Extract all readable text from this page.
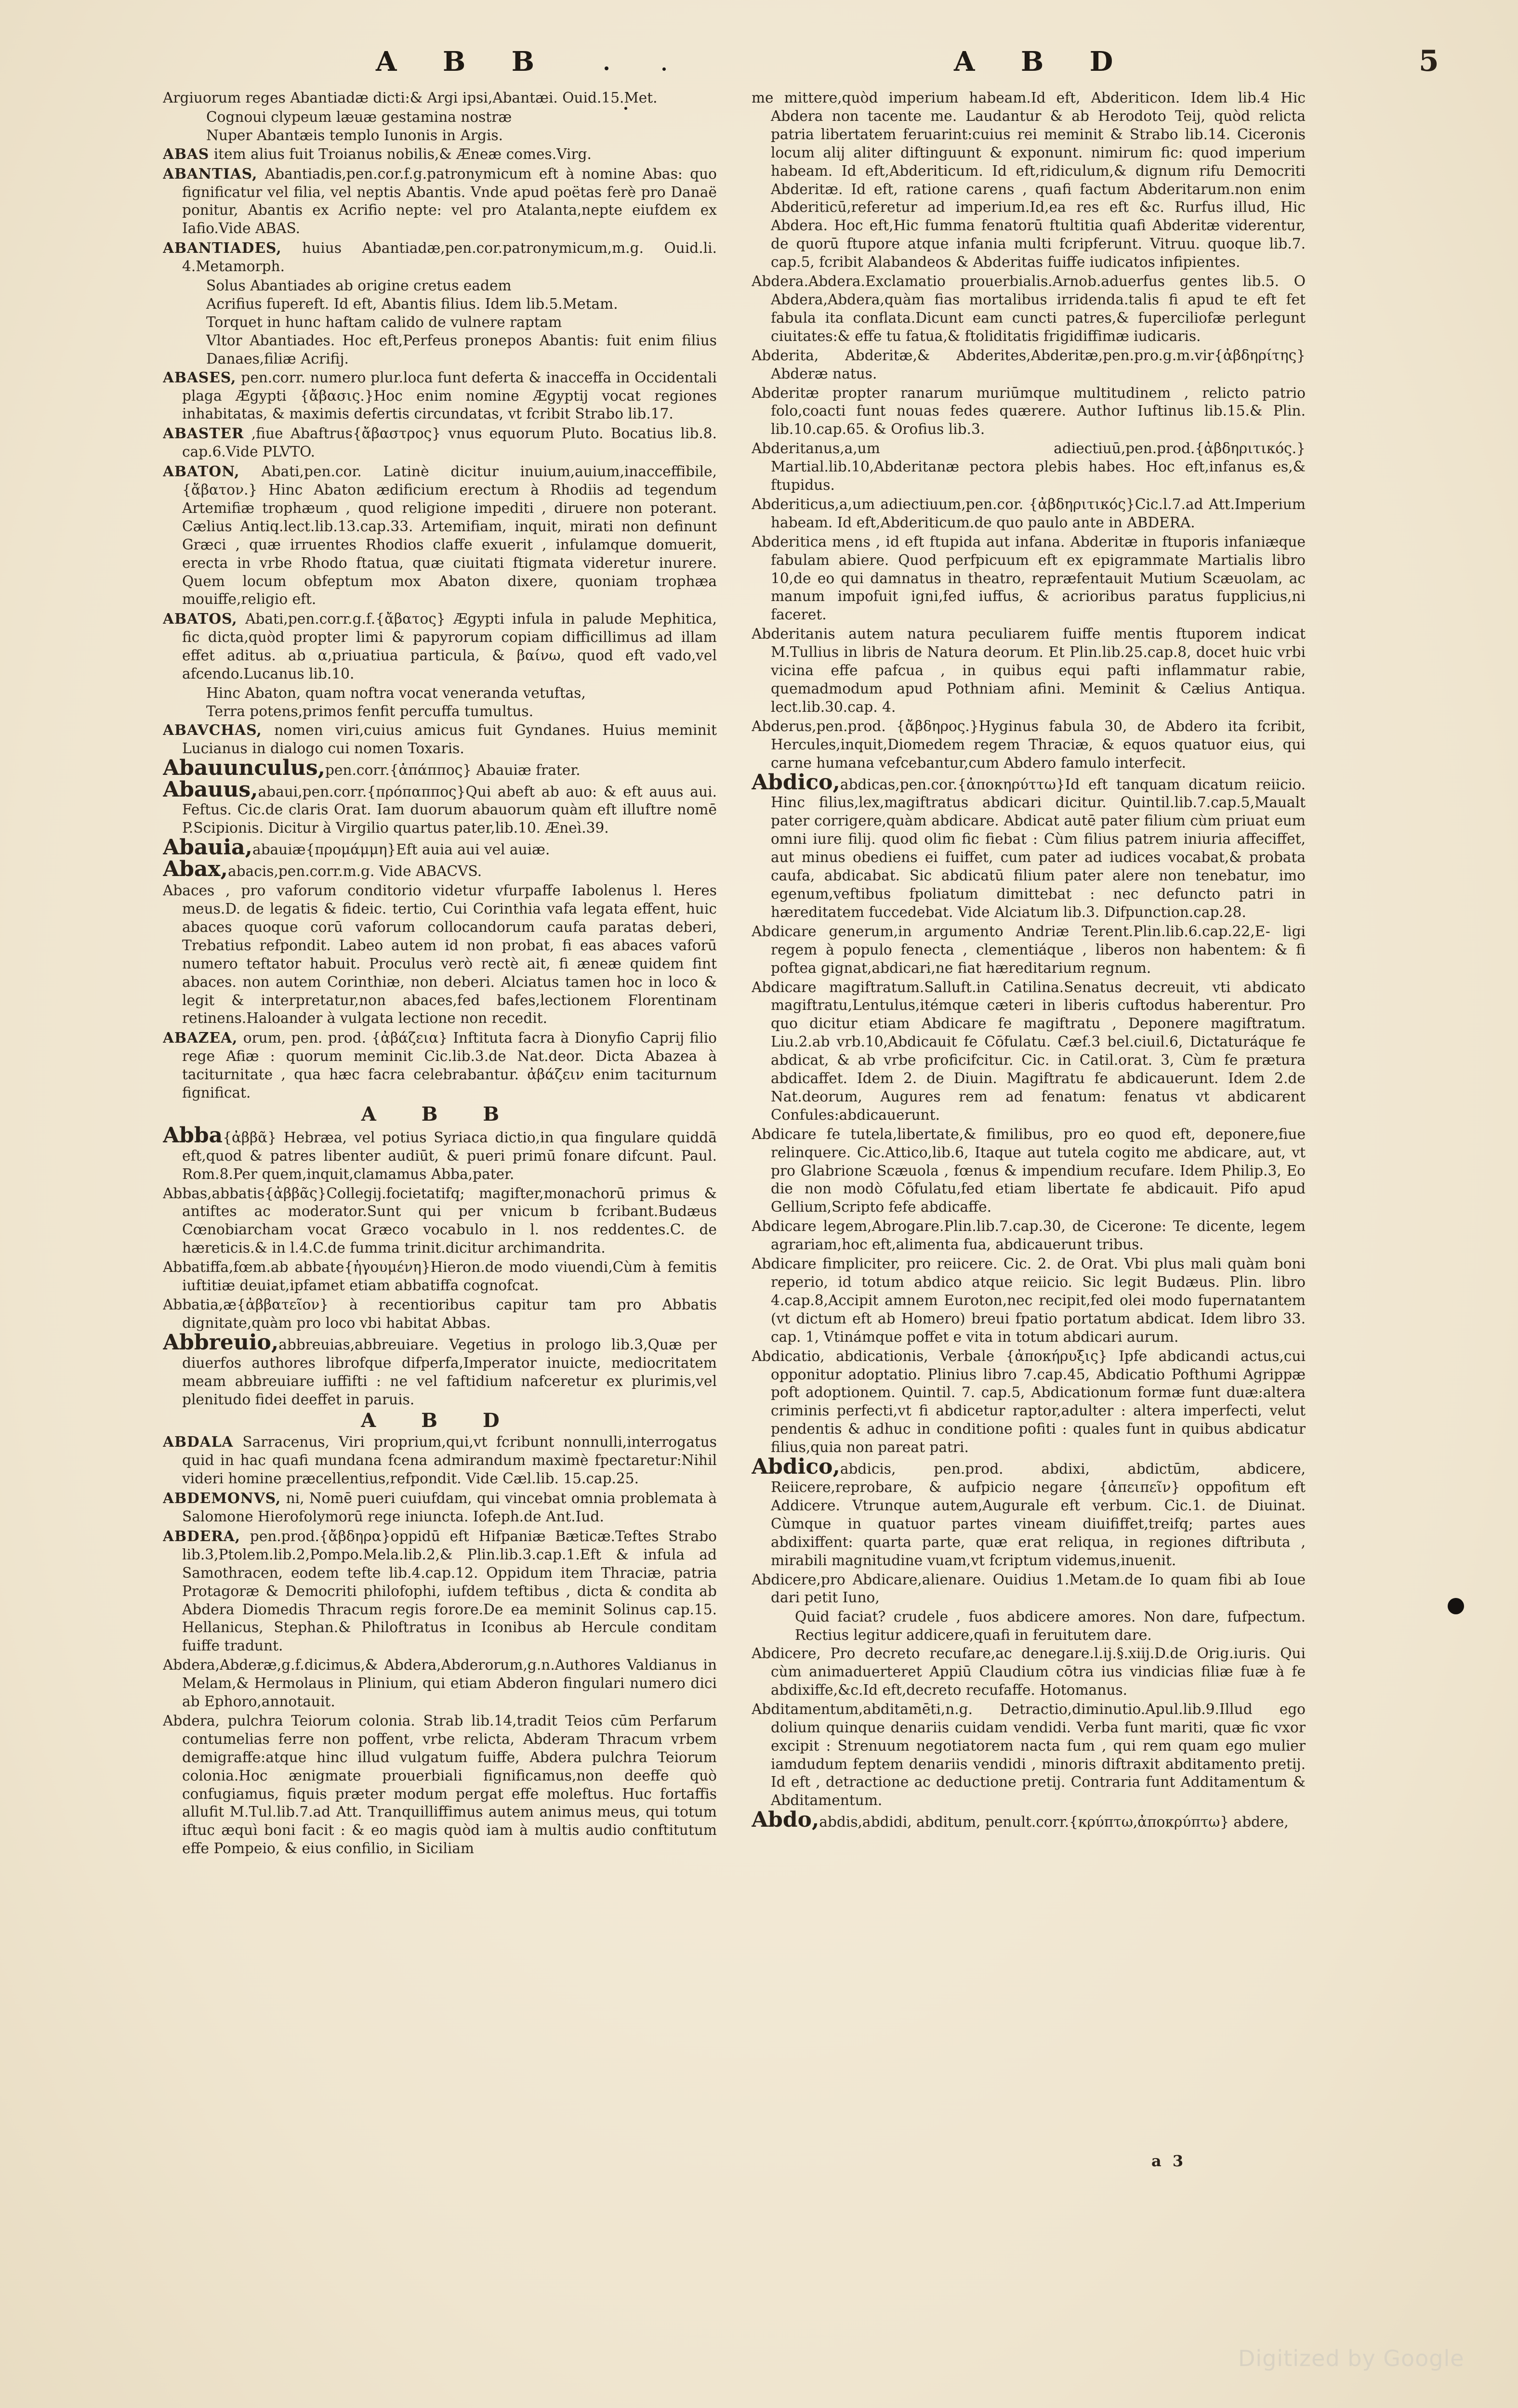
A B B	A B D	5

Argiuorum reges Abantiadæ dicti:& Argi ipsi,Abantæi. Ouid.15.Met.

Cognoui clypeum læuæ gestamina nostræ

Nuper Abantæis templo Iunonis in Argis.

ABAS item alius fuit Troianus nobilis,& Æneæ comes.Virg.

ABANTIAS, Abantiadis,pen.cor.f.g.patronymicum eft à nomine Abas: quo fignificatur vel filia, vel neptis Abantis. Vnde apud poëtas ferè pro Danaë ponitur, Abantis ex Acrifio nepte: vel pro Atalanta,nepte eiufdem ex Iafio.Vide ABAS.

ABANTIADES, huius Abantiadæ,pen.cor.patronymicum,m.g. Ouid.li. 4.Metamorph.

Solus Abantiades ab origine cretus eadem

Acrifius fupereft. Id eft, Abantis filius. Idem lib.5.Metam.

Torquet in hunc haftam calido de vulnere raptam

Vltor Abantiades. Hoc eft,Perfeus pronepos Abantis: fuit enim filius Danaes,filiæ Acrifij.

ABASES, pen.corr. numero plur.loca funt deferta & inacceffa in Occidentali plaga Ægypti {ἄβασις.}Hoc enim nomine Ægyptij vocat regiones inhabitatas, & maximis defertis circundatas, vt fcribit Strabo lib.17.

ABASTER ,fiue Abaftrus{ἄβαστρος} vnus equorum Pluto. Bocatius lib.8. cap.6.Vide PLVTO.

ABATON, Abati,pen.cor. Latinè dicitur inuium,auium,inacceffibile, {ἄβατον.} Hinc Abaton ædificium erectum à Rhodiis ad tegendum Artemifiæ trophæum , quod religione impediti , diruere non poterant. Cælius Antiq.lect.lib.13.cap.33. Artemifiam, inquit, mirati non definunt Græci , quæ irruentes Rhodios claffe exuerit , infulamque domuerit, erecta in vrbe Rhodo ftatua, quæ ciuitati ftigmata videretur inurere. Quem locum obfeptum mox Abaton dixere, quoniam trophæa mouiffe,religio eft.

ABATOS, Abati,pen.corr.g.f.{ἄβατος} Ægypti infula in palude Mephitica, fic dicta,quòd propter limi & papyrorum copiam difficillimus ad illam effet aditus. ab α,priuatiua particula, & βαίνω, quod eft vado,vel afcendo.Lucanus lib.10.

Hinc Abaton, quam noftra vocat veneranda vetuftas,

Terra potens,primos fenfit percuffa tumultus.

ABAVCHAS, nomen viri,cuius amicus fuit Gyndanes. Huius meminit Lucianus in dialogo cui nomen Toxaris.

Abauunculus,pen.corr.{ἀπάππος} Abauiæ frater.

Abauus,abaui,pen.corr.{πρόπαππος}Qui abeft ab auo: & eft auus aui. Feftus. Cic.de claris Orat. Iam duorum abauorum quàm eft illuftre nomē P.Scipionis. Dicitur à Virgilio quartus pater,lib.10. Æneì.39.

Abauia,abauiæ{προμάμμη}Eft auia aui vel auiæ.

Abax,abacis,pen.corr.m.g. Vide ABACVS.

Abaces , pro vaforum conditorio videtur vfurpaffe Iabolenus l. Heres meus.D. de legatis & fideic. tertio, Cui Corinthia vafa legata effent, huic abaces quoque corū vaforum collocandorum caufa paratas deberi, Trebatius refpondit. Labeo autem id non probat, fi eas abaces vaforū numero teftator habuit. Proculus verò rectè ait, fi æneæ quidem fint abaces. non autem Corinthiæ, non deberi. Alciatus tamen hoc in loco & legit & interpretatur,non abaces,fed bafes,lectionem Florentinam retinens.Haloander à vulgata lectione non recedit.

ABAZEA, orum, pen. prod. {ἀβάζεια} Inftituta facra à Dionyfio Caprij filio rege Afiæ : quorum meminit Cic.lib.3.de Nat.deor. Dicta Abazea à taciturnitate , qua hæc facra celebrabantur. ἀβάζειν enim taciturnum fignificat.

A B B

Abba{ἀββᾶ} Hebræa, vel potius Syriaca dictio,in qua fingulare quiddā eft,quod & patres libenter audiūt, & pueri primū fonare difcunt. Paul. Rom.8.Per quem,inquit,clamamus Abba,pater.

Abbas,abbatis{ἀββᾶς}Collegij.focietatifq; magifter,monachorū primus & antiftes ac moderator.Sunt qui per vnicum b fcribant.Budæus Cœnobiarcham vocat Græco vocabulo in l. nos reddentes.C. de hæreticis.& in l.4.C.de fumma trinit.dicitur archimandrita.

Abbatiffa,fœm.ab abbate{ἡγουμένη}Hieron.de modo viuendi,Cùm à femitis iuftitiæ deuiat,ipfamet etiam abbatiffa cognofcat.

Abbatia,æ{ἀββατεῖον} à recentioribus capitur tam pro Abbatis dignitate,quàm pro loco vbi habitat Abbas.

Abbreuio,abbreuias,abbreuiare. Vegetius in prologo lib.3,Quæ per diuerfos authores librofque difperfa,Imperator inuicte, mediocritatem meam abbreuiare iuffifti : ne vel faftidium nafceretur ex plurimis,vel plenitudo fidei deeffet in paruis.

A B D

ABDALA Sarracenus, Viri proprium,qui,vt fcribunt nonnulli,interrogatus quid in hac quafi mundana fcena admirandum maximè fpectaretur:Nihil videri homine præcellentius,refpondit. Vide Cæl.lib. 15.cap.25.

ABDEMONVS, ni, Nomē pueri cuiufdam, qui vincebat omnia problemata à Salomone Hierofolymorū rege iniuncta. Iofeph.de Ant.Iud.

ABDERA, pen.prod.{ἄβδηρα}oppidū eft Hifpaniæ Bæticæ.Teftes Strabo lib.3,Ptolem.lib.2,Pompo.Mela.lib.2,& Plin.lib.3.cap.1.Eft & infula ad Samothracen, eodem tefte lib.4.cap.12. Oppidum item Thraciæ, patria Protagoræ & Democriti philofophi, iufdem teftibus , dicta & condita ab Abdera Diomedis Thracum regis forore.De ea meminit Solinus cap.15. Hellanicus, Stephan.& Philoftratus in Iconibus ab Hercule conditam fuiffe tradunt.

Abdera,Abderæ,g.f.dicimus,& Abdera,Abderorum,g.n.Authores Valdianus in Melam,& Hermolaus in Plinium, qui etiam Abderon fingulari numero dici ab Ephoro,annotauit.

Abdera, pulchra Teiorum colonia. Strab lib.14,tradit Teios cūm Perfarum contumelias ferre non poffent, vrbe relicta, Abderam Thracum vrbem demigraffe:atque hinc illud vulgatum fuiffe, Abdera pulchra Teiorum colonia.Hoc ænigmate prouerbiali fignificamus,non deeffe quò confugiamus, fiquis præter modum pergat effe moleftus. Huc fortaffis allufit M.Tul.lib.7.ad Att. Tranquilliffimus autem animus meus, qui totum iftuc æquì boni facit : & eo magis quòd iam à multis audio conftitutum effe Pompeio, & eius confilio, in Siciliam

me mittere,quòd imperium habeam.Id eft, Abderiticon. Idem lib.4 Hic Abdera non tacente me. Laudantur & ab Herodoto Teij, quòd relicta patria libertatem feruarint:cuius rei meminit & Strabo lib.14. Ciceronis locum alij aliter diftinguunt & exponunt. nimirum fic: quod imperium habeam. Id eft,Abderiticum. Id eft,ridiculum,& dignum rifu Democriti Abderitæ. Id eft, ratione carens , quafi factum Abderitarum.non enim Abderiticū,referetur ad imperium.Id,ea res eft &c. Rurfus illud, Hic Abdera. Hoc eft,Hic fumma fenatorū ftultitia quafi Abderitæ viderentur, de quorū ftupore atque infania multi fcripferunt. Vitruu. quoque lib.7. cap.5, fcribit Alabandeos & Abderitas fuiffe iudicatos infipientes.

Abdera.Abdera.Exclamatio prouerbialis.Arnob.aduerfus gentes lib.5. O Abdera,Abdera,quàm fias mortalibus irridenda.talis fi apud te eft fet fabula ita conflata.Dicunt eam cuncti patres,& fuperciliofæ perlegunt ciuitates:& effe tu fatua,& ftoliditatis frigidiffimæ iudicaris.

Abderita, Abderitæ,& Abderites,Abderitæ,pen.pro.g.m.vir{ἀβδηρίτης} Abderæ natus.

Abderitæ propter ranarum muriūmque multitudinem , relicto patrio folo,coacti funt nouas fedes quærere. Author Iuftinus lib.15.& Plin. lib.10.cap.65. & Orofius lib.3.

Abderitanus,a,um adiectiuū,pen.prod.{ἀβδηριτικός.} Martial.lib.10,Abderitanæ pectora plebis habes. Hoc eft,infanus es,& ftupidus.

Abderiticus,a,um adiectiuum,pen.cor. {ἀβδηριτικός}Cic.l.7.ad Att.Imperium habeam. Id eft,Abderiticum.de quo paulo ante in ABDERA.

Abderitica mens , id eft ftupida aut infana. Abderitæ in ftuporis infaniæque fabulam abiere. Quod perfpicuum eft ex epigrammate Martialis libro 10,de eo qui damnatus in theatro, repræfentauit Mutium Scæuolam, ac manum impofuit igni,fed iuffus, & acrioribus paratus fupplicius,ni faceret.

Abderitanis autem natura peculiarem fuiffe mentis ftuporem indicat M.Tullius in libris de Natura deorum. Et Plin.lib.25.cap.8, docet huic vrbi vicina effe pafcua , in quibus equi pafti inflammatur rabie, quemadmodum apud Pothniam afini. Meminit & Cælius Antiqua. lect.lib.30.cap. 4.

Abderus,pen.prod. {ἄβδηρος.}Hyginus fabula 30, de Abdero ita fcribit, Hercules,inquit,Diomedem regem Thraciæ, & equos quatuor eius, qui carne humana vefcebantur,cum Abdero famulo interfecit.

Abdico,abdicas,pen.cor.{ἀποκηρύττω}Id eft tanquam dicatum reiicio. Hinc filius,lex,magiftratus abdicari dicitur. Quintil.lib.7.cap.5,Maualt pater corrigere,quàm abdicare. Abdicat autē pater filium cùm priuat eum omni iure filij. quod olim fic fiebat : Cùm filius patrem iniuria affeciffet, aut minus obediens ei fuiffet, cum pater ad iudices vocabat,& probata caufa, abdicabat. Sic abdicatū filium pater alere non tenebatur, imo egenum,veftibus fpoliatum dimittebat : nec defuncto patri in hæreditatem fuccedebat. Vide Alciatum lib.3. Difpunction.cap.28.

Abdicare generum,in argumento Andriæ Terent.Plin.lib.6.cap.22,E- ligi regem à populo fenecta , clementiáque , liberos non habentem: & fi poftea gignat,abdicari,ne fiat hæreditarium regnum.

Abdicare magiftratum.Salluft.in Catilina.Senatus decreuit, vti abdicato magiftratu,Lentulus,itémque cæteri in liberis cuftodus haberentur. Pro quo dicitur etiam Abdicare fe magiftratu , Deponere magiftratum. Liu.2.ab vrb.10,Abdicauit fe Cōfulatu. Cæf.3 bel.ciuil.6, Dictaturáque fe abdicat, & ab vrbe proficifcitur. Cic. in Catil.orat. 3, Cùm fe prætura abdicaffet. Idem 2. de Diuin. Magiftratu fe abdicauerunt. Idem 2.de Nat.deorum, Augures rem ad fenatum: fenatus vt abdicarent Confules:abdicauerunt.

Abdicare fe tutela,libertate,& fimilibus, pro eo quod eft, deponere,fiue relinquere. Cic.Attico,lib.6, Itaque aut tutela cogito me abdicare, aut, vt pro Glabrione Scæuola , fœnus & impendium recufare. Idem Philip.3, Eo die non modò Cōfulatu,fed etiam libertate fe abdicauit. Pifo apud Gellium,Scripto fefe abdicaffe.

Abdicare legem,Abrogare.Plin.lib.7.cap.30, de Cicerone: Te dicente, legem agrariam,hoc eft,alimenta fua, abdicauerunt tribus.

Abdicare fimpliciter, pro reiicere. Cic. 2. de Orat. Vbi plus mali quàm boni reperio, id totum abdico atque reiicio. Sic legit Budæus. Plin. libro 4.cap.8,Accipit amnem Euroton,nec recipit,fed olei modo fupernatantem (vt dictum eft ab Homero) breui fpatio portatum abdicat. Idem libro 33. cap. 1, Vtinámque poffet e vita in totum abdicari aurum.

Abdicatio, abdicationis, Verbale {ἀποκήρυξις} Ipfe abdicandi actus,cui opponitur adoptatio. Plinius libro 7.cap.45, Abdicatio Pofthumi Agrippæ poft adoptionem. Quintil. 7. cap.5, Abdicationum formæ funt duæ:altera criminis perfecti,vt fi abdicetur raptor,adulter : altera imperfecti, velut pendentis & adhuc in conditione pofiti : quales funt in quibus abdicatur filius,quia non pareat patri.

Abdico,abdicis, pen.prod. abdixi, abdictūm, abdicere, Reiicere,reprobare, & aufpicio negare {ἀπειπεῖν} oppofitum eft Addicere. Vtrunque autem,Augurale eft verbum. Cic.1. de Diuinat. Cùmque in quatuor partes vineam diuififfet,treifq; partes aues abdixiffent: quarta parte, quæ erat reliqua, in regiones diftributa , mirabili magnitudine vuam,vt fcriptum videmus,inuenit.

Abdicere,pro Abdicare,alienare. Ouidius 1.Metam.de Io quam fibi ab Ioue dari petit Iuno,

Quid faciat? crudele , fuos abdicere amores. Non dare, fufpectum. Rectius legitur addicere,quafi in feruitutem dare.

Abdicere, Pro decreto recufare,ac denegare.l.ij.§.xiij.D.de Orig.iuris. Qui cùm animaduerteret Appiū Claudium cōtra ius vindicias filiæ fuæ à fe abdixiffe,&c.Id eft,decreto recufaffe. Hotomanus.

Abditamentum,abditamēti,n.g. Detractio,diminutio.Apul.lib.9.Illud ego dolium quinque denariis cuidam vendidi. Verba funt mariti, quæ fic vxor excipit : Strenuum negotiatorem nacta fum , qui rem quam ego mulier iamdudum feptem denariis vendidi , minoris diftraxit abditamento pretij. Id eft , detractione ac deductione pretij. Contraria funt Additamentum & Abditamentum.

Abdo,abdis,abdidi, abditum, penult.corr.{κρύπτω,ἀποκρύπτω} abdere,

a 3
Digitized by Google
